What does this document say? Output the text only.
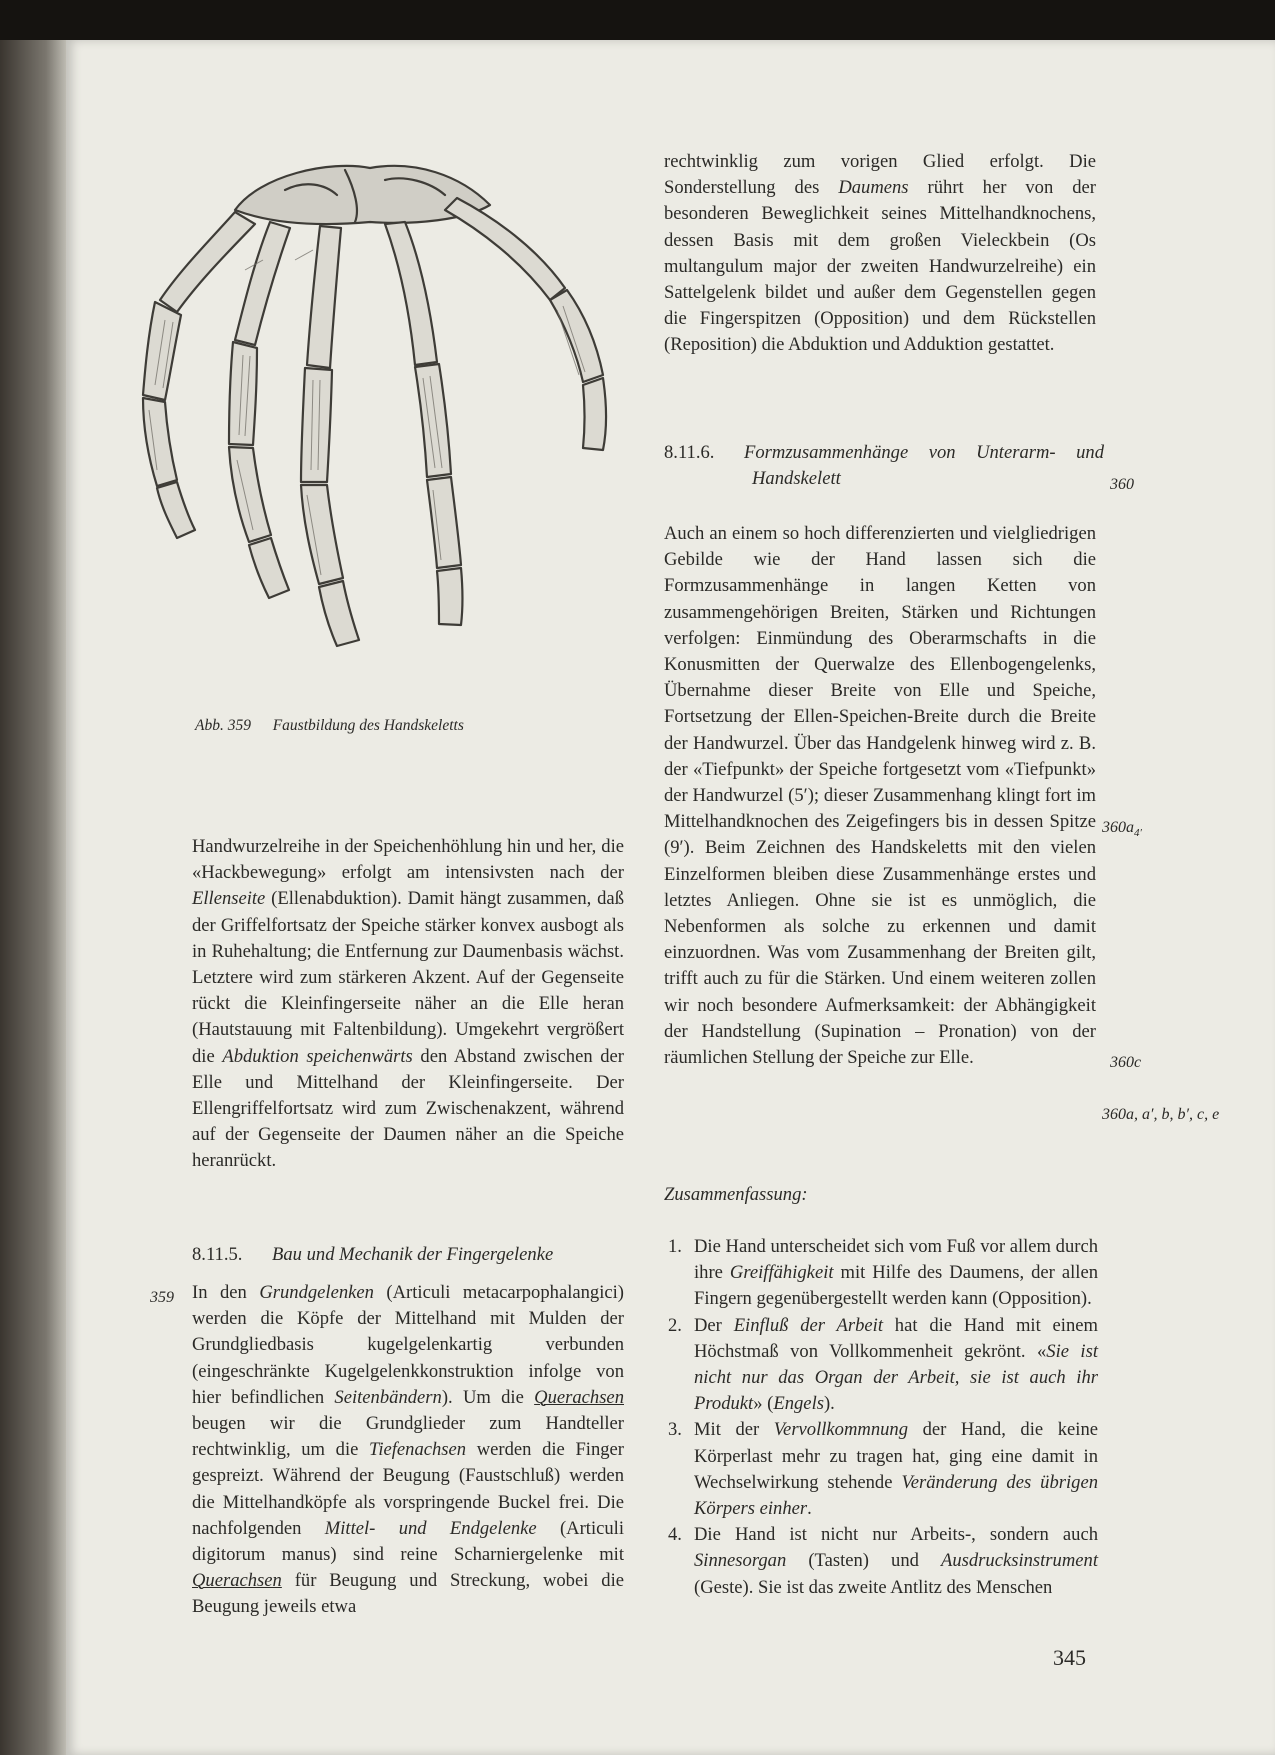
Abb. 359 Faustbildung des Handskeletts

Handwurzelreihe in der Speichenhöhlung hin und her, die «Hackbewegung» erfolgt am intensivsten nach der Ellenseite (Ellenabduktion). Damit hängt zusammen, daß der Griffelfortsatz der Speiche stärker konvex ausbogt als in Ruhehaltung; die Entfernung zur Daumenbasis wächst. Letztere wird zum stärkeren Akzent. Auf der Gegenseite rückt die Kleinfingerseite näher an die Elle heran (Hautstauung mit Faltenbildung). Umgekehrt vergrößert die Abduktion speichenwärts den Abstand zwischen der Elle und Mittelhand der Kleinfingerseite. Der Ellengriffelfortsatz wird zum Zwischenakzent, während auf der Gegenseite der Daumen näher an die Speiche heranrückt.

8.11.5. Bau und Mechanik der Fingergelenke
359 In den Grundgelenken (Articuli metacarpophalangici) werden die Köpfe der Mittelhand mit Mulden der Grundgliedbasis kugelgelenkartig verbunden (eingeschränkte Kugelgelenkkonstruktion infolge von hier befindlichen Seitenbändern). Um die Querachsen beugen wir die Grundglieder zum Handteller rechtwinklig, um die Tiefenachsen werden die Finger gespreizt. Während der Beugung (Faustschluß) werden die Mittelhandköpfe als vorspringende Buckel frei. Die nachfolgenden Mittel- und Endgelenke (Articuli digitorum manus) sind reine Scharniergelenke mit Querachsen für Beugung und Streckung, wobei die Beugung jeweils etwa

rechtwinklig zum vorigen Glied erfolgt. Die Sonderstellung des Daumens rührt her von der besonderen Beweglichkeit seines Mittelhandknochens, dessen Basis mit dem großen Vieleckbein (Os multangulum major der zweiten Handwurzelreihe) ein Sattelgelenk bildet und außer dem Gegenstellen gegen die Fingerspitzen (Opposition) und dem Rückstellen (Reposition) die Abduktion und Adduktion gestattet.

8.11.6.	Formzusammenhänge von Unterarm- und
Handskelett	360

Auch an einem so hoch differenzierten und vielgliedrigen Gebilde wie der Hand lassen sich die Formzusammenhänge in langen Ketten von zusammengehörigen Breiten, Stärken und Richtungen verfolgen: Einmündung des Oberarmschafts in die Konusmitten der Querwalze des Ellenbogengelenks, Übernahme dieser Breite von Elle und Speiche, Fortsetzung der Ellen-Speichen-Breite durch die Breite der Handwurzel. Über das Handgelenk hinweg wird z. B. der «Tiefpunkt» der Speiche fortgesetzt vom «Tiefpunkt» der Handwurzel (5′); dieser Zusammenhang klingt fort im Mittelhandknochen des Zeigefingers bis in dessen Spitze (9′). Beim Zeichnen des Handskeletts mit den vielen Einzelformen bleiben diese Zusammenhänge erstes und letztes Anliegen. Ohne sie ist es unmöglich, die Nebenformen als solche zu erkennen und damit einzuordnen. Was vom Zusammenhang der Breiten gilt, trifft auch zu für die Stärken. Und einem weiteren zollen wir noch besondere Aufmerksamkeit: der Abhängigkeit der Handstellung (Supination – Pronation) von der räumlichen Stellung der Speiche zur Elle.

$360a_{4'}$
360c
360a, a′, b, b′, c, e
Zusammenfassung:
1. Die Hand unterscheidet sich vom Fuß vor allem durch ihre Greiffähigkeit mit Hilfe des Daumens, der allen Fingern gegenübergestellt werden kann (Opposition).
2. Der Einfluß der Arbeit hat die Hand mit einem Höchstmaß von Vollkommenheit gekrönt. «Sie ist nicht nur das Organ der Arbeit, sie ist auch ihr Produkt» (Engels).
3. Mit der Vervollkommnung der Hand, die keine Körperlast mehr zu tragen hat, ging eine damit in Wechselwirkung stehende Veränderung des übrigen Körpers einher.
4. Die Hand ist nicht nur Arbeits-, sondern auch Sinnesorgan (Tasten) und Ausdrucksinstrument (Geste). Sie ist das zweite Antlitz des Menschen
345
